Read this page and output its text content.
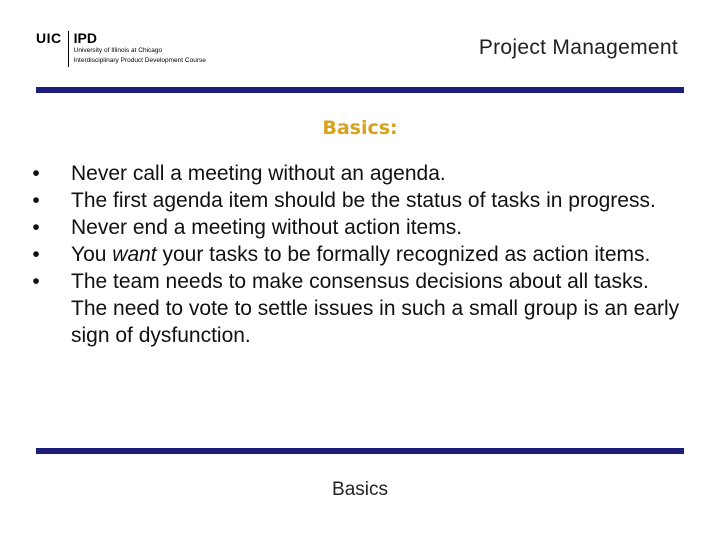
UIC IPD
University of Illinois at Chicago
Interdisciplinary Product Development Course
Project Management
Basics:
•	Never call a meeting without an agenda.
•	The first agenda item should be the status of tasks in progress.
•	Never end a meeting without action items.
•	You want your tasks to be formally recognized as action items.
•	The team needs to make consensus decisions about all tasks. The need to vote to settle issues in such a small group is an early sign of dysfunction.
Basics
